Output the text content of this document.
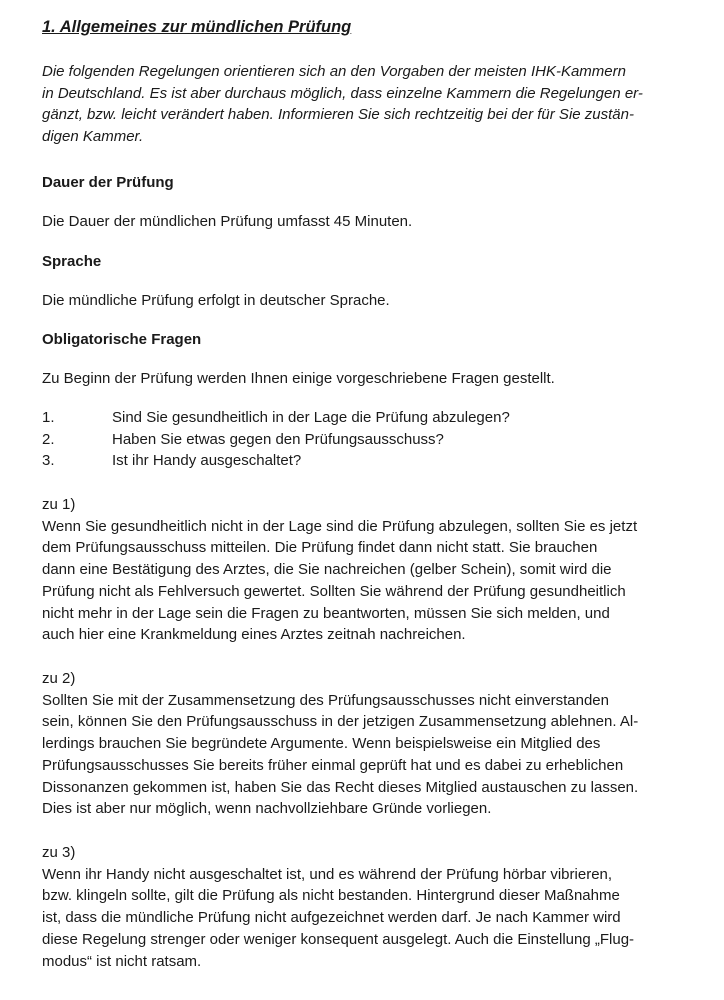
1. Allgemeines zur mündlichen Prüfung
Die folgenden Regelungen orientieren sich an den Vorgaben der meisten IHK-Kammern
in Deutschland. Es ist aber durchaus möglich, dass einzelne Kammern die Regelungen er-
gänzt, bzw. leicht verändert haben. Informieren Sie sich rechtzeitig bei der für Sie zustän-
digen Kammer.
Dauer der Prüfung
Die Dauer der mündlichen Prüfung umfasst 45 Minuten.
Sprache
Die mündliche Prüfung erfolgt in deutscher Sprache.
Obligatorische Fragen
Zu Beginn der Prüfung werden Ihnen einige vorgeschriebene Fragen gestellt.
1.	Sind Sie gesundheitlich in der Lage die Prüfung abzulegen?
2.	Haben Sie etwas gegen den Prüfungsausschuss?
3.	Ist ihr Handy ausgeschaltet?
zu 1)
Wenn Sie gesundheitlich nicht in der Lage sind die Prüfung abzulegen, sollten Sie es jetzt
dem Prüfungsausschuss mitteilen. Die Prüfung findet dann nicht statt. Sie brauchen
dann eine Bestätigung des Arztes, die Sie nachreichen (gelber Schein), somit wird die
Prüfung nicht als Fehlversuch gewertet. Sollten Sie während der Prüfung gesundheitlich
nicht mehr in der Lage sein die Fragen zu beantworten, müssen Sie sich melden, und
auch hier eine Krankmeldung eines Arztes zeitnah nachreichen.
zu 2)
Sollten Sie mit der Zusammensetzung des Prüfungsausschusses nicht einverstanden
sein, können Sie den Prüfungsausschuss in der jetzigen Zusammensetzung ablehnen. Al-
lerdings brauchen Sie begründete Argumente. Wenn beispielsweise ein Mitglied des
Prüfungsausschusses Sie bereits früher einmal geprüft hat und es dabei zu erheblichen
Dissonanzen gekommen ist, haben Sie das Recht dieses Mitglied austauschen zu lassen.
Dies ist aber nur möglich, wenn nachvollziehbare Gründe vorliegen.
zu 3)
Wenn ihr Handy nicht ausgeschaltet ist, und es während der Prüfung hörbar vibrieren,
bzw. klingeln sollte, gilt die Prüfung als nicht bestanden. Hintergrund dieser Maßnahme
ist, dass die mündliche Prüfung nicht aufgezeichnet werden darf. Je nach Kammer wird
diese Regelung strenger oder weniger konsequent ausgelegt. Auch die Einstellung „Flug-
modus“ ist nicht ratsam.
